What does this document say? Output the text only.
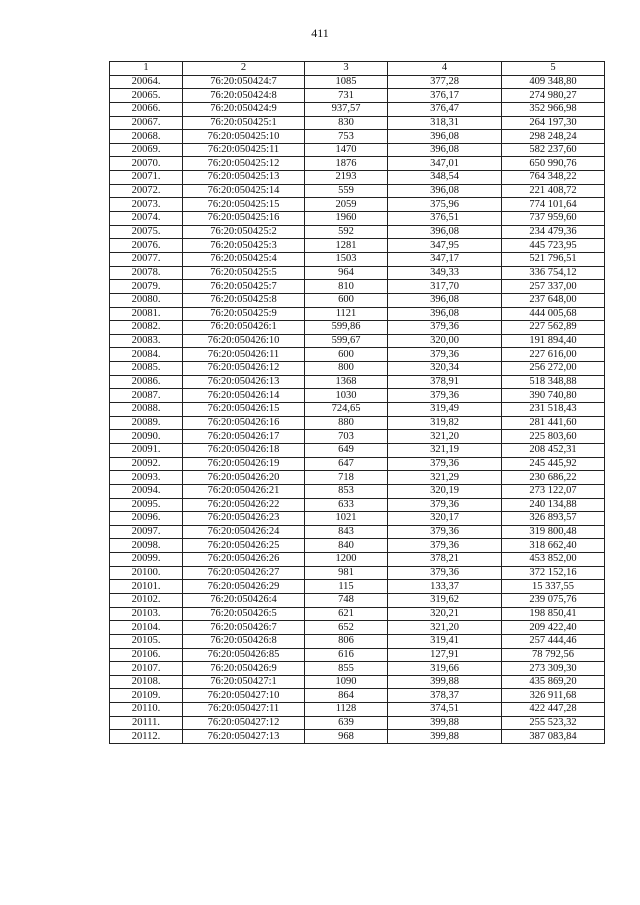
411
1	2	3	4	5
20064.	76:20:050424:7	1085	377,28	409 348,80
20065.	76:20:050424:8	731	376,17	274 980,27
20066.	76:20:050424:9	937,57	376,47	352 966,98
20067.	76:20:050425:1	830	318,31	264 197,30
20068.	76:20:050425:10	753	396,08	298 248,24
20069.	76:20:050425:11	1470	396,08	582 237,60
20070.	76:20:050425:12	1876	347,01	650 990,76
20071.	76:20:050425:13	2193	348,54	764 348,22
20072.	76:20:050425:14	559	396,08	221 408,72
20073.	76:20:050425:15	2059	375,96	774 101,64
20074.	76:20:050425:16	1960	376,51	737 959,60
20075.	76:20:050425:2	592	396,08	234 479,36
20076.	76:20:050425:3	1281	347,95	445 723,95
20077.	76:20:050425:4	1503	347,17	521 796,51
20078.	76:20:050425:5	964	349,33	336 754,12
20079.	76:20:050425:7	810	317,70	257 337,00
20080.	76:20:050425:8	600	396,08	237 648,00
20081.	76:20:050425:9	1121	396,08	444 005,68
20082.	76:20:050426:1	599,86	379,36	227 562,89
20083.	76:20:050426:10	599,67	320,00	191 894,40
20084.	76:20:050426:11	600	379,36	227 616,00
20085.	76:20:050426:12	800	320,34	256 272,00
20086.	76:20:050426:13	1368	378,91	518 348,88
20087.	76:20:050426:14	1030	379,36	390 740,80
20088.	76:20:050426:15	724,65	319,49	231 518,43
20089.	76:20:050426:16	880	319,82	281 441,60
20090.	76:20:050426:17	703	321,20	225 803,60
20091.	76:20:050426:18	649	321,19	208 452,31
20092.	76:20:050426:19	647	379,36	245 445,92
20093.	76:20:050426:20	718	321,29	230 686,22
20094.	76:20:050426:21	853	320,19	273 122,07
20095.	76:20:050426:22	633	379,36	240 134,88
20096.	76:20:050426:23	1021	320,17	326 893,57
20097.	76:20:050426:24	843	379,36	319 800,48
20098.	76:20:050426:25	840	379,36	318 662,40
20099.	76:20:050426:26	1200	378,21	453 852,00
20100.	76:20:050426:27	981	379,36	372 152,16
20101.	76:20:050426:29	115	133,37	15 337,55
20102.	76:20:050426:4	748	319,62	239 075,76
20103.	76:20:050426:5	621	320,21	198 850,41
20104.	76:20:050426:7	652	321,20	209 422,40
20105.	76:20:050426:8	806	319,41	257 444,46
20106.	76:20:050426:85	616	127,91	78 792,56
20107.	76:20:050426:9	855	319,66	273 309,30
20108.	76:20:050427:1	1090	399,88	435 869,20
20109.	76:20:050427:10	864	378,37	326 911,68
20110.	76:20:050427:11	1128	374,51	422 447,28
20111.	76:20:050427:12	639	399,88	255 523,32
20112.	76:20:050427:13	968	399,88	387 083,84
